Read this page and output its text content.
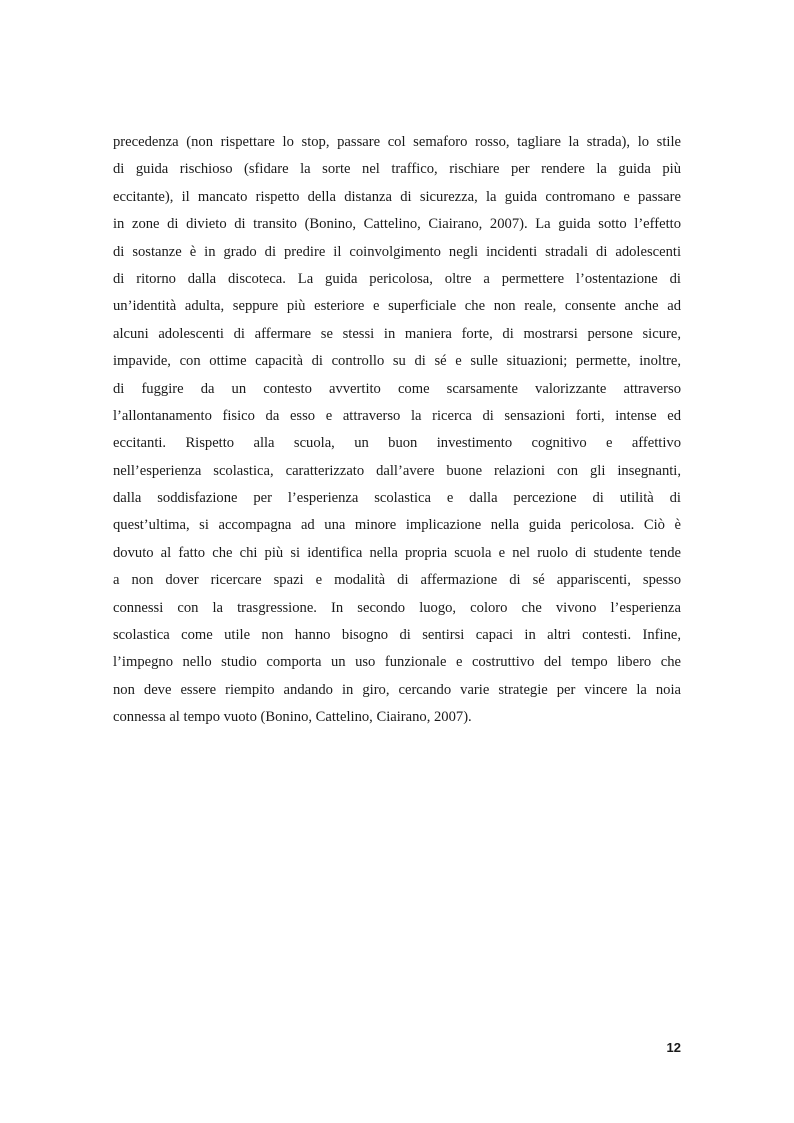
precedenza (non rispettare lo stop, passare col semaforo rosso, tagliare la strada), lo stile
di guida rischioso (sfidare la sorte nel traffico, rischiare per rendere la guida più
eccitante), il mancato rispetto della distanza di sicurezza, la guida contromano e passare
in zone di divieto di transito (Bonino, Cattelino, Ciairano, 2007). La guida sotto l’effetto
di sostanze è in grado di predire il coinvolgimento negli incidenti stradali di adolescenti
di ritorno dalla discoteca. La guida pericolosa, oltre a permettere l’ostentazione di
un’identità adulta, seppure più esteriore e superficiale che non reale, consente anche ad
alcuni adolescenti di affermare se stessi in maniera forte, di mostrarsi persone sicure,
impavide, con ottime capacità di controllo su di sé e sulle situazioni; permette, inoltre,
di fuggire da un contesto avvertito come scarsamente valorizzante attraverso
l’allontanamento fisico da esso e attraverso la ricerca di sensazioni forti, intense ed
eccitanti. Rispetto alla scuola, un buon investimento cognitivo e affettivo
nell’esperienza scolastica, caratterizzato dall’avere buone relazioni con gli insegnanti,
dalla soddisfazione per l’esperienza scolastica e dalla percezione di utilità di
quest’ultima, si accompagna ad una minore implicazione nella guida pericolosa. Ciò è
dovuto al fatto che chi più si identifica nella propria scuola e nel ruolo di studente tende
a non dover ricercare spazi e modalità di affermazione di sé appariscenti, spesso
connessi con la trasgressione. In secondo luogo, coloro che vivono l’esperienza
scolastica come utile non hanno bisogno di sentirsi capaci in altri contesti. Infine,
l’impegno nello studio comporta un uso funzionale e costruttivo del tempo libero che
non deve essere riempito andando in giro, cercando varie strategie per vincere la noia
connessa al tempo vuoto (Bonino, Cattelino, Ciairano, 2007).
12
